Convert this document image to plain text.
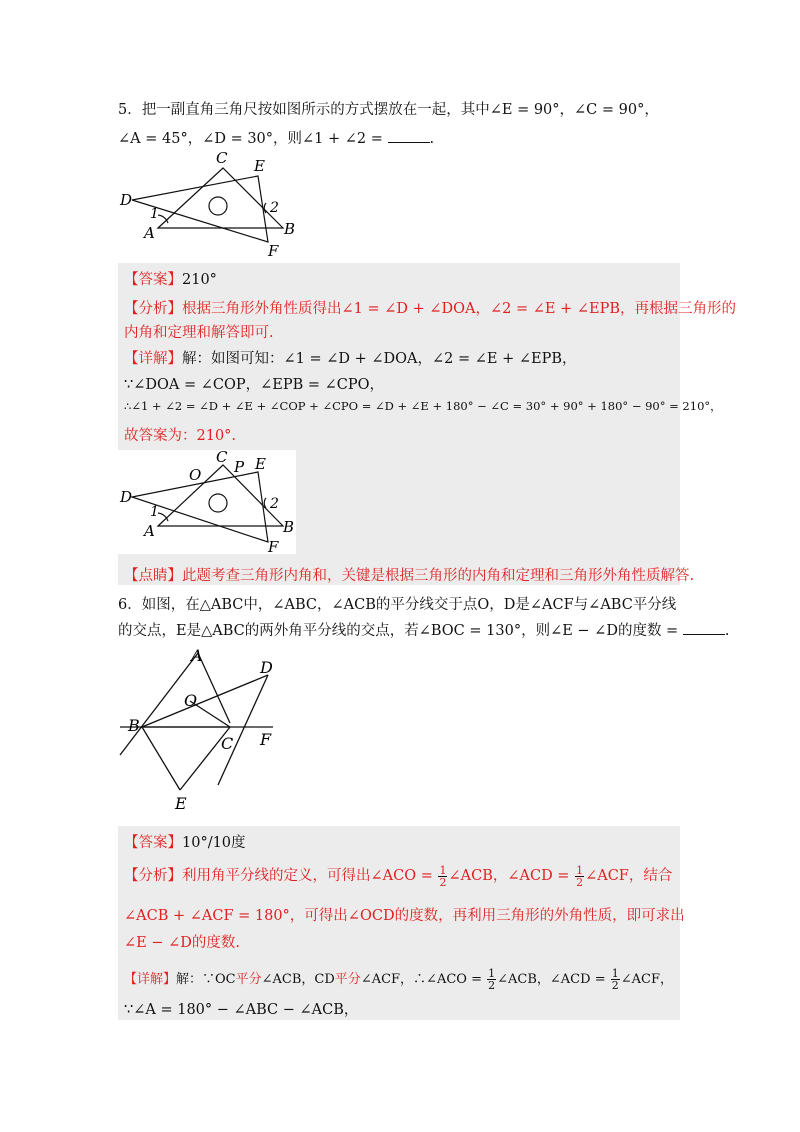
5．把一副直角三角尺按如图所示的方式摆放在一起，其中∠E = 90°，∠C = 90°，
∠A = 45°，∠D = 30°，则∠1 + ∠2 =	.
C E
D
1	2
A	B
F
【答案】210°
【分析】根据三角形外角性质得出∠1 = ∠D + ∠DOA，∠2 = ∠E + ∠EPB，再根据三角形的
内角和定理和解答即可.
【详解】解：如图可知：∠1 = ∠D + ∠DOA，∠2 = ∠E + ∠EPB，
∵∠DOA = ∠COP，∠EPB = ∠CPO，
∴∠1 + ∠2 = ∠D + ∠E + ∠COP + ∠CPO = ∠D + ∠E + 180° − ∠C = 30° + 90° + 180° − 90° = 210°，
故答案为：210°.
C
O P E
D
1	2
A	B
F
【点睛】此题考查三角形内角和，关键是根据三角形的内角和定理和三角形外角性质解答.
6．如图，在△ABC中，∠ABC，∠ACB的平分线交于点O，D是∠ACF与∠ABC平分线
的交点，E是△ABC的两外角平分线的交点，若∠BOC = 130°，则∠E − ∠D的度数 =	.
A
D
O
B
C F
E
【答案】10°/10度
【分析】利用角平分线的定义，可得出∠ACO = $\frac{1}{2}$ ∠ACB，∠ACD = $\frac{1}{2}$ ∠ACF，结合
∠ACB + ∠ACF = 180°，可得出∠OCD的度数，再利用三角形的外角性质，即可求出
∠E − ∠D的度数.
【详解】解：∵OC平分∠ACB，CD平分∠ACF，∴∠ACO = $\frac{1}{2}$ ∠ACB，∠ACD = $\frac{1}{2}$ ∠ACF，
∵∠A = 180° − ∠ABC − ∠ACB，
